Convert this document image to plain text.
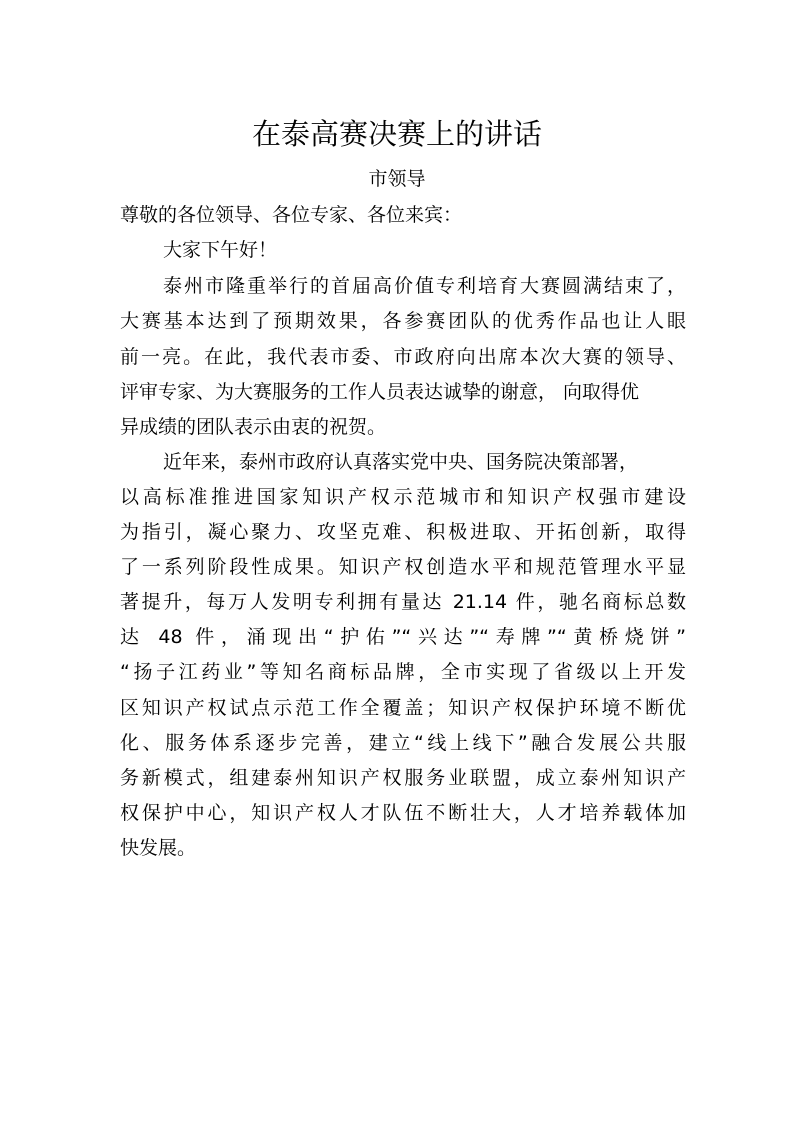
在泰高赛决赛上的讲话
市领导
尊敬的各位领导、各位专家、各位来宾：
大家下午好！
泰州市隆重举行的首届高价值专利培育大赛圆满结束了，
大赛基本达到了预期效果，各参赛团队的优秀作品也让人眼
前一亮。在此，我代表市委、市政府向出席本次大赛的领导、
评审专家、为大赛服务的工作人员表达诚挚的谢意， 向取得优
异成绩的团队表示由衷的祝贺。
近年来，泰州市政府认真落实党中央、国务院决策部署，
以高标准推进国家知识产权示范城市和知识产权强市建设
为指引，凝心聚力、攻坚克难、积极进取、开拓创新，取得
了一系列阶段性成果。知识产权创造水平和规范管理水平显
著提升，每万人发明专利拥有量达 21.14 件，驰名商标总数
达 48 件，涌现出“护佑”“兴达”“寿牌”“黄桥烧饼”
“扬子江药业”等知名商标品牌，全市实现了省级以上开发
区知识产权试点示范工作全覆盖；知识产权保护环境不断优
化、服务体系逐步完善，建立“线上线下”融合发展公共服
务新模式，组建泰州知识产权服务业联盟，成立泰州知识产
权保护中心，知识产权人才队伍不断壮大，人才培养载体加
快发展。
